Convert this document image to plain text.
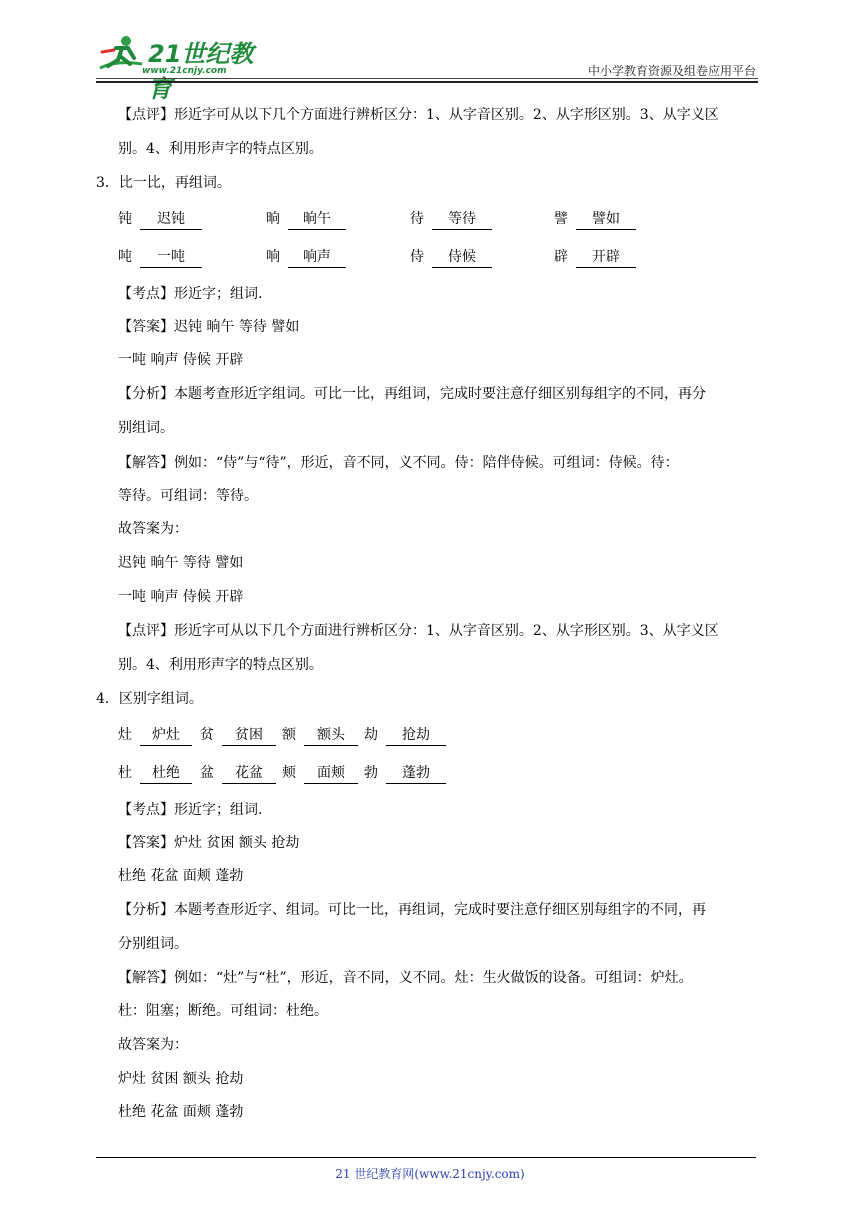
21世纪教育
www.21cnjy.com	中小学教育资源及组卷应用平台
【点评】形近字可从以下几个方面进行辨析区分：1、从字音区别。2、从字形区别。3、从字义区
别。4、利用形声字的特点区别。
3．比一比，再组词。
钝	迟钝	晌	晌午	待	等待	譬	譬如
吨	一吨	响	响声	侍	侍候	辟	开辟
【考点】形近字；组词.
【答案】迟钝 晌午 等待 譬如
一吨 响声 侍候 开辟
【分析】本题考查形近字组词。可比一比，再组词，完成时要注意仔细区别每组字的不同，再分
别组词。
【解答】例如：“侍”与“待”，形近，音不同，义不同。侍：陪伴侍候。可组词：侍候。待：
等待。可组词：等待。
故答案为：
迟钝 晌午 等待 譬如
一吨 响声 侍候 开辟
【点评】形近字可从以下几个方面进行辨析区分：1、从字音区别。2、从字形区别。3、从字义区
别。4、利用形声字的特点区别。
4．区别字组词。
灶	炉灶	贫	贫困	额	额头	劫	抢劫
杜	杜绝	盆	花盆	颊	面颊	勃	蓬勃
【考点】形近字；组词.
【答案】炉灶 贫困 额头 抢劫
杜绝 花盆 面颊 蓬勃
【分析】本题考查形近字、组词。可比一比，再组词，完成时要注意仔细区别每组字的不同，再
分别组词。
【解答】例如：“灶”与“杜”，形近，音不同，义不同。灶：生火做饭的设备。可组词：炉灶。
杜：阻塞；断绝。可组词：杜绝。
故答案为：
炉灶 贫困 额头 抢劫
杜绝 花盆 面颊 蓬勃
21 世纪教育网(www.21cnjy.com)
